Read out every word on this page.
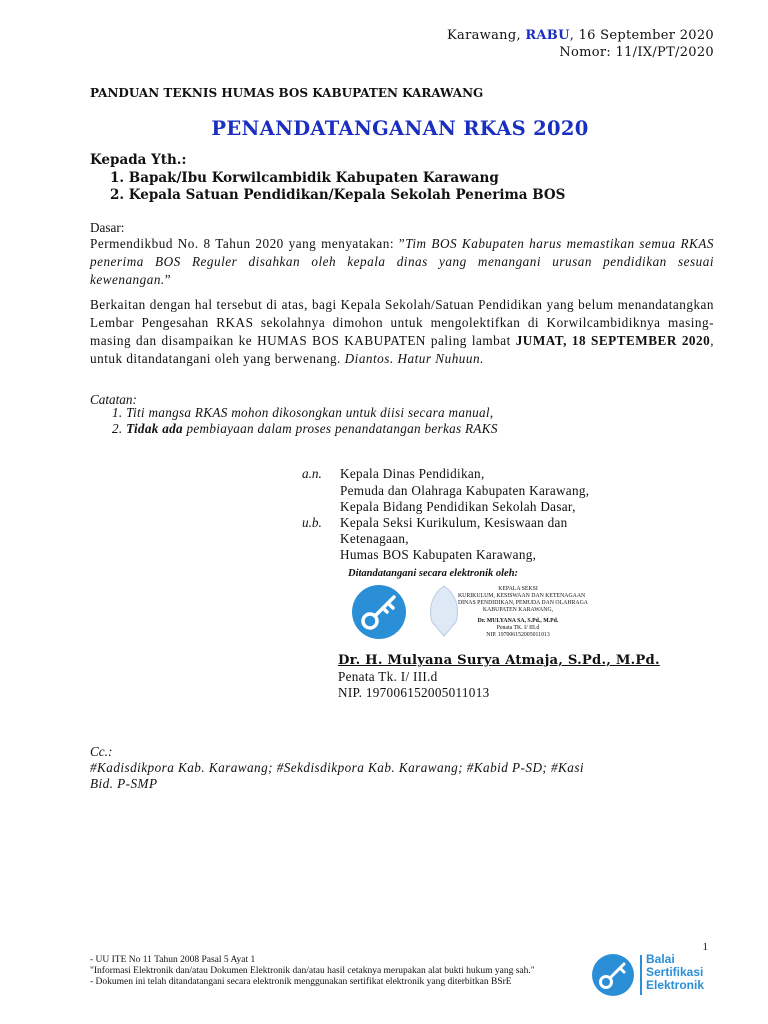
Karawang, RABU, 16 September 2020
Nomor: 11/IX/PT/2020
PANDUAN TEKNIS HUMAS BOS KABUPATEN KARAWANG
PENANDATANGANAN RKAS 2020
Kepada Yth.:
1. Bapak/Ibu Korwilcambidik Kabupaten Karawang
2. Kepala Satuan Pendidikan/Kepala Sekolah Penerima BOS
Dasar:
Permendikbud No. 8 Tahun 2020 yang menyatakan: ”Tim BOS Kabupaten harus memastikan semua RKAS penerima BOS Reguler disahkan oleh kepala dinas yang menangani urusan pendidikan sesuai kewenangan.”
Berkaitan dengan hal tersebut di atas, bagi Kepala Sekolah/Satuan Pendidikan yang belum menandatangkan Lembar Pengesahan RKAS sekolahnya dimohon untuk mengolektifkan di Korwilcambidiknya masing-masing dan disampaikan ke HUMAS BOS KABUPATEN paling lambat JUMAT, 18 SEPTEMBER 2020, untuk ditandatangani oleh yang berwenang. Diantos. Hatur Nuhuun.
Catatan:
1. Titi mangsa RKAS mohon dikosongkan untuk diisi secara manual,
2. Tidak ada pembiayaan dalam proses penandatangan berkas RAKS
a.n. Kepala Dinas Pendidikan,
Pemuda dan Olahraga Kabupaten Karawang,
Kepala Bidang Pendidikan Sekolah Dasar,
u.b. Kepala Seksi Kurikulum, Kesiswaan dan
Ketenagaan,
Humas BOS Kabupaten Karawang,
Ditandatangani secara elektronik oleh:
KEPALA SEKSI
KURIKULUM, KESISWAAN DAN KETENAGAAN
DINAS PENDIDIKAN, PEMUDA DAN OLAHRAGA
KABUPATEN KARAWANG,
Dr. MULYANA SA, S.Pd., M.Pd.
Penata TK. I/ III.d
NIP. 197006152005011013
Dr. H. Mulyana Surya Atmaja, S.Pd., M.Pd.
Penata Tk. I/ III.d
NIP. 197006152005011013
Cc.:
#Kadisdikpora Kab. Karawang; #Sekdisdikpora Kab. Karawang; #Kabid P-SD; #Kasi
Bid. P-SMP
1
- UU ITE No 11 Tahun 2008 Pasal 5 Ayat 1
"Informasi Elektronik dan/atau Dokumen Elektronik dan/atau hasil cetaknya merupakan alat bukti hukum yang sah."
- Dokumen ini telah ditandatangani secara elektronik menggunakan sertifikat elektronik yang diterbitkan BSrE
Balai
Sertifikasi
Elektronik
